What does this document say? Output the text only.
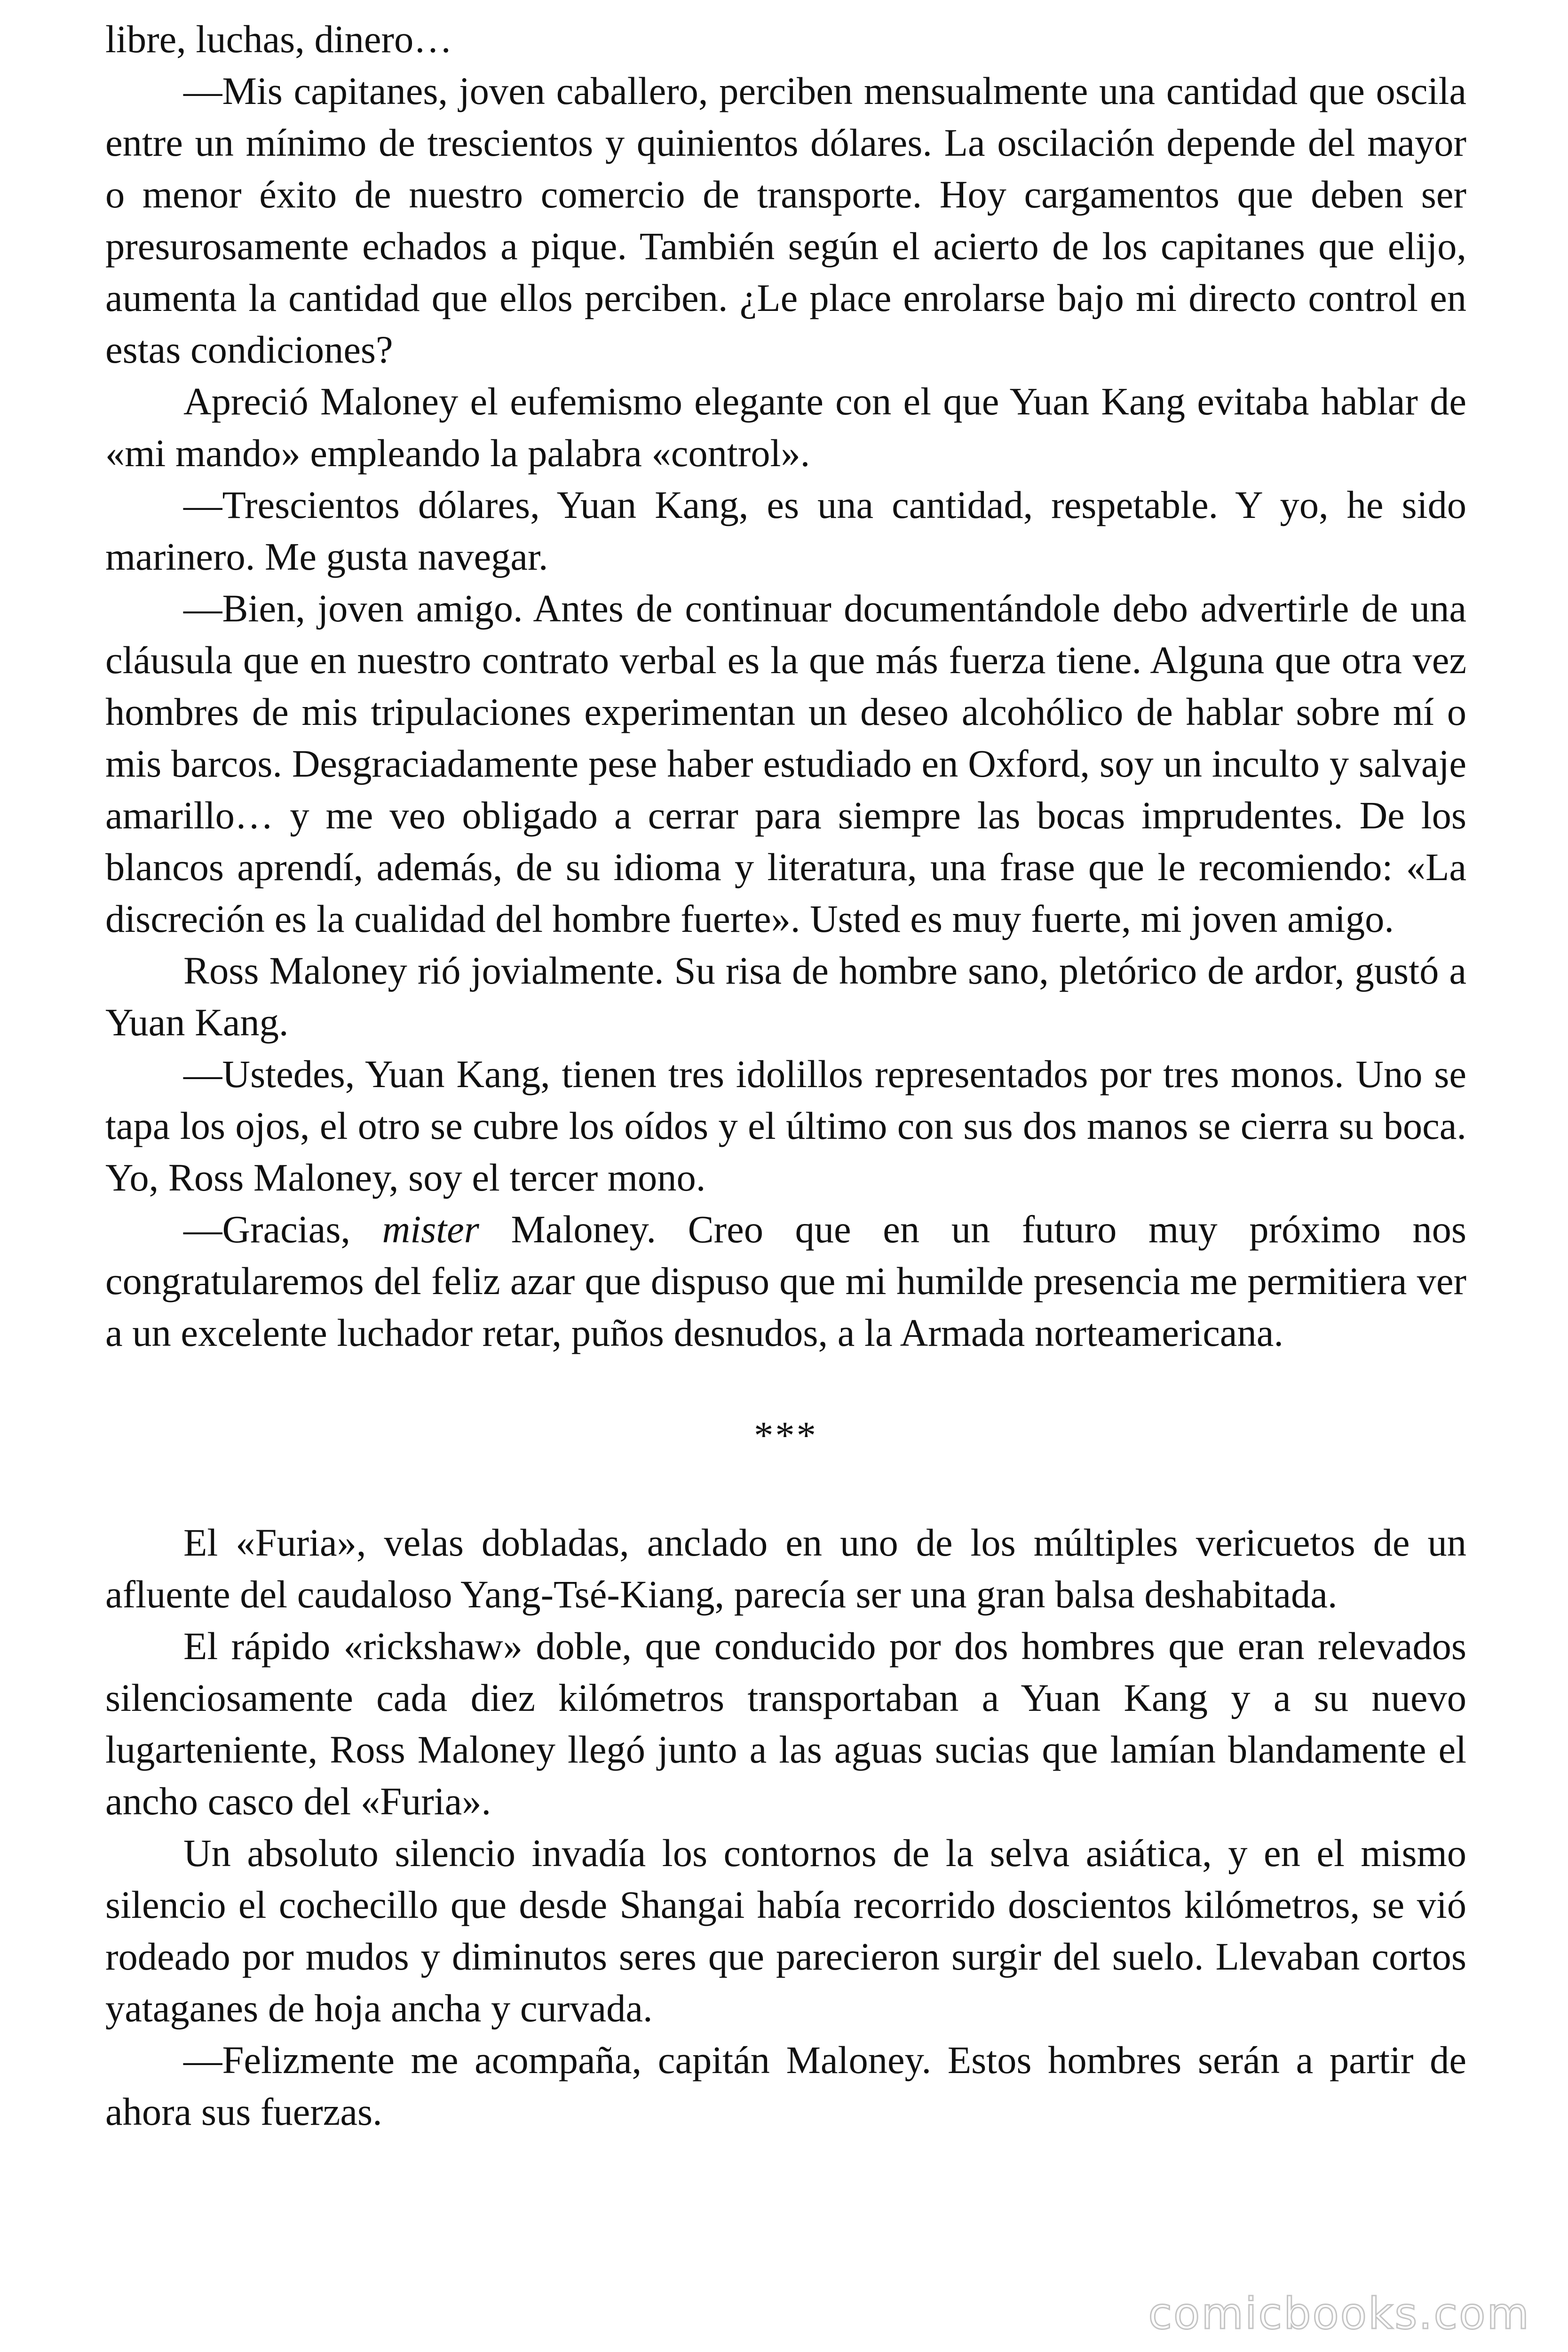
libre, luchas, dinero…

—Mis capitanes, joven caballero, perciben mensualmente una cantidad que oscila entre un mínimo de trescientos y quinientos dólares. La oscilación depende del mayor o menor éxito de nuestro comercio de transporte. Hoy cargamentos que deben ser presurosamente echados a pique. También según el acierto de los capitanes que elijo, aumenta la cantidad que ellos perciben. ¿Le place enrolarse bajo mi directo control en estas condiciones?

Apreció Maloney el eufemismo elegante con el que Yuan Kang evitaba hablar de «mi mando» empleando la palabra «control».

—Trescientos dólares, Yuan Kang, es una cantidad, respetable. Y yo, he sido marinero. Me gusta navegar.

—Bien, joven amigo. Antes de continuar documentándole debo advertirle de una cláusula que en nuestro contrato verbal es la que más fuerza tiene. Alguna que otra vez hombres de mis tripulaciones experimentan un deseo alcohólico de hablar sobre mí o mis barcos. Desgraciadamente pese haber estudiado en Oxford, soy un inculto y salvaje amarillo… y me veo obligado a cerrar para siempre las bocas imprudentes. De los blancos aprendí, además, de su idioma y literatura, una frase que le recomiendo: «La discreción es la cualidad del hombre fuerte». Usted es muy fuerte, mi joven amigo.

Ross Maloney rió jovialmente. Su risa de hombre sano, pletórico de ardor, gustó a Yuan Kang.

—Ustedes, Yuan Kang, tienen tres idolillos representados por tres monos. Uno se tapa los ojos, el otro se cubre los oídos y el último con sus dos manos se cierra su boca. Yo, Ross Maloney, soy el tercer mono.

—Gracias, mister Maloney. Creo que en un futuro muy próximo nos congratularemos del feliz azar que dispuso que mi humilde presencia me permitiera ver a un excelente luchador retar, puños desnudos, a la Armada norteamericana.

***

El «Furia», velas dobladas, anclado en uno de los múltiples vericuetos de un afluente del caudaloso Yang-Tsé-Kiang, parecía ser una gran balsa deshabitada.

El rápido «rickshaw» doble, que conducido por dos hombres que eran relevados silenciosamente cada diez kilómetros transportaban a Yuan Kang y a su nuevo lugarteniente, Ross Maloney llegó junto a las aguas sucias que lamían blandamente el ancho casco del «Furia».

Un absoluto silencio invadía los contornos de la selva asiática, y en el mismo silencio el cochecillo que desde Shangai había recorrido doscientos kilómetros, se vió rodeado por mudos y diminutos seres que parecieron surgir del suelo. Llevaban cortos yataganes de hoja ancha y curvada.

—Felizmente me acompaña, capitán Maloney. Estos hombres serán a partir de ahora sus fuerzas.

comicbooks.com
